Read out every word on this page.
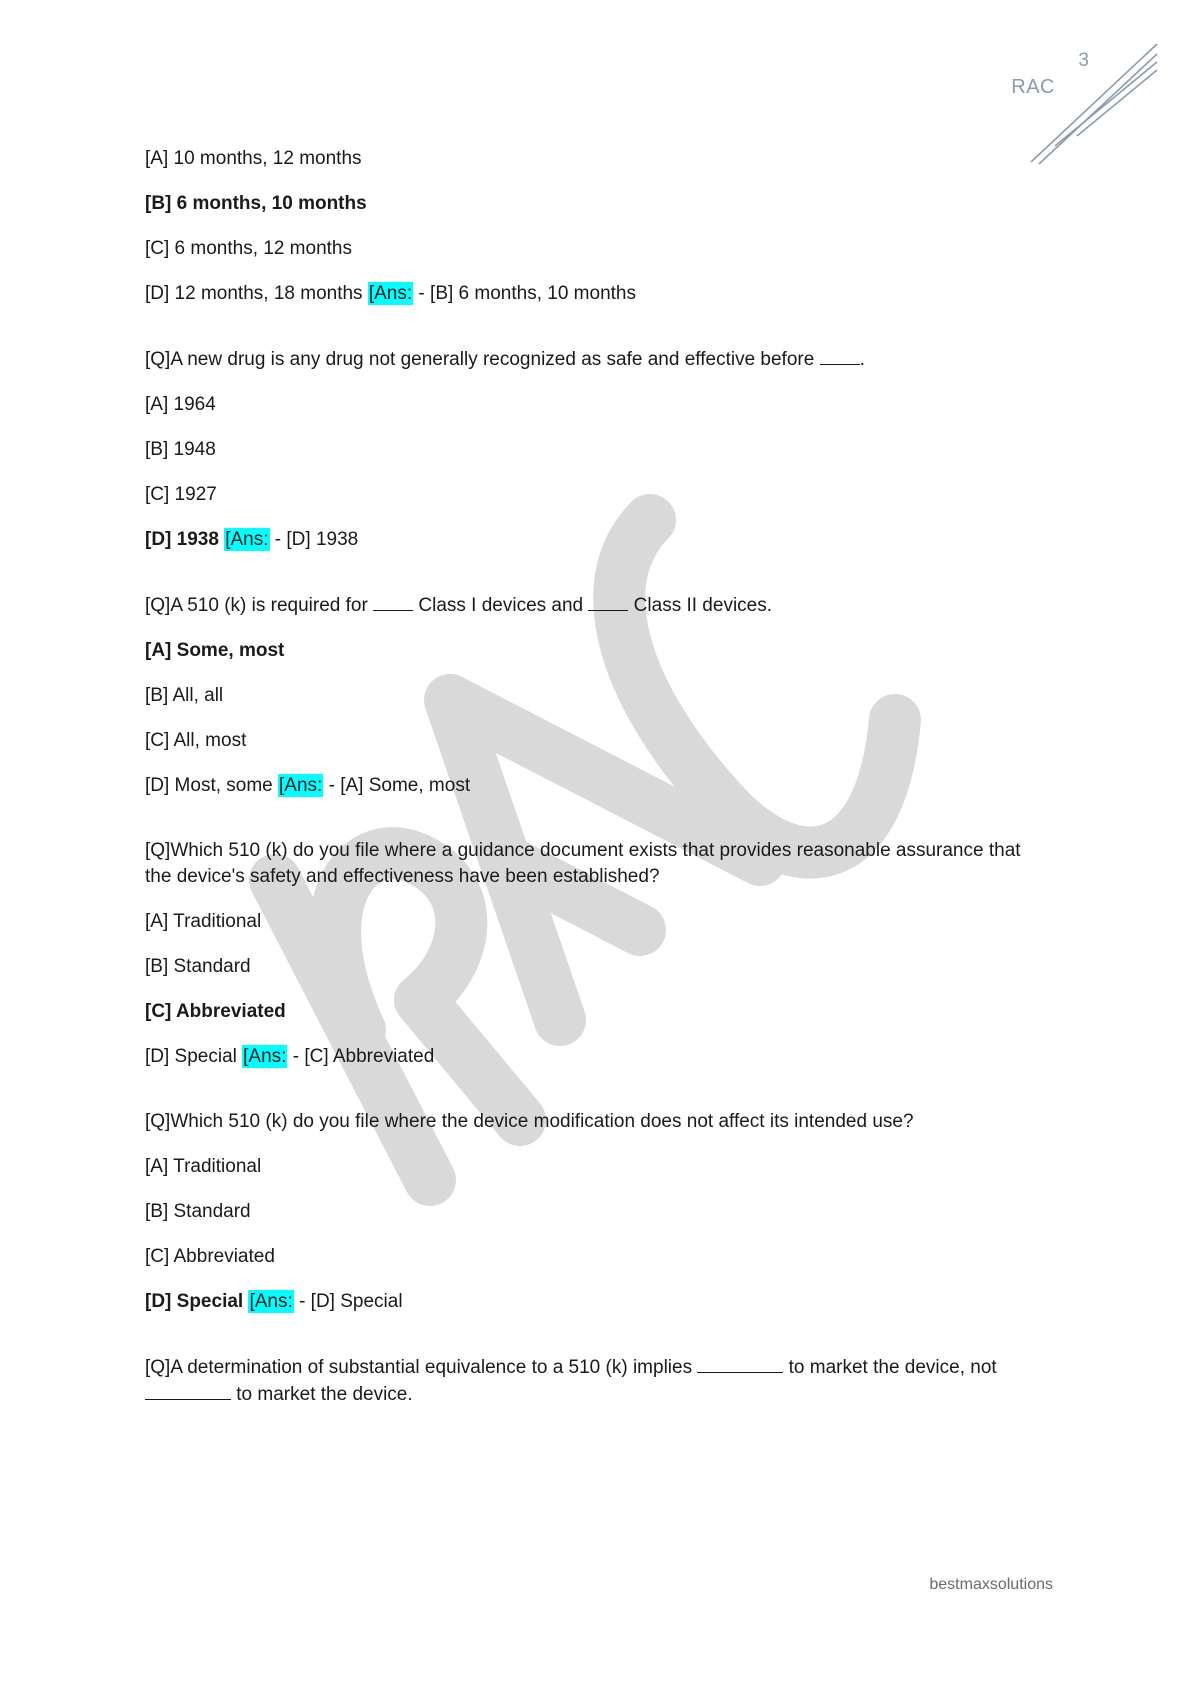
3
RAC
[A] 10 months, 12 months
[B] 6 months, 10 months
[C] 6 months, 12 months
[D] 12 months, 18 months [Ans: - [B] 6 months, 10 months
[Q]A new drug is any drug not generally recognized as safe and effective before .
[A] 1964
[B] 1948
[C] 1927
[D] 1938 [Ans: - [D] 1938
[Q]A 510 (k) is required for  Class I devices and  Class II devices.
[A] Some, most
[B] All, all
[C] All, most
[D] Most, some [Ans: - [A] Some, most
[Q]Which 510 (k) do you file where a guidance document exists that provides reasonable assurance that the device's safety and effectiveness have been established?
[A] Traditional
[B] Standard
[C] Abbreviated
[D] Special [Ans: - [C] Abbreviated
[Q]Which 510 (k) do you file where the device modification does not affect its intended use?
[A] Traditional
[B] Standard
[C] Abbreviated
[D] Special [Ans: - [D] Special
[Q]A determination of substantial equivalence to a 510 (k) implies	to market the device, not  to market the device.
bestmaxsolutions
